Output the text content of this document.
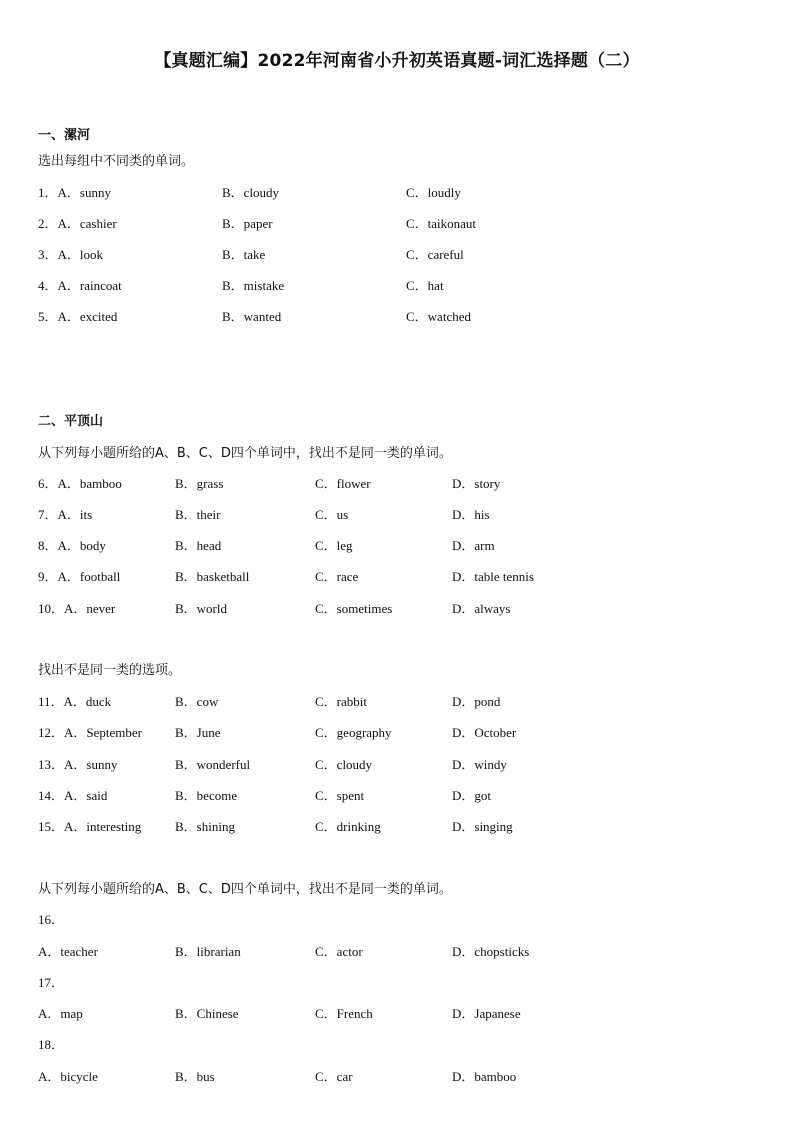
【真题汇编】2022年河南省小升初英语真题-词汇选择题（二）
一、漯河
选出每组中不同类的单词。
1．A．sunny	B．cloudy	C．loudly
2．A．cashier	B．paper	C．taikonaut
3．A．look	B．take	C．careful
4．A．raincoat	B．mistake	C．hat
5．A．excited	B．wanted	C．watched
二、平顶山
从下列每小题所给的A、B、C、D四个单词中，找出不是同一类的单词。
6．A．bamboo	B．grass	C．flower	D．story
7．A．its	B．their	C．us	D．his
8．A．body	B．head	C．leg	D．arm
9．A．football	B．basketball	C．race	D．table tennis
10．A．never	B．world	C．sometimes	D．always
找出不是同一类的选项。
11．A．duck	B．cow	C．rabbit	D．pond
12．A．September	B．June	C．geography	D．October
13．A．sunny	B．wonderful	C．cloudy	D．windy
14．A．said	B．become	C．spent	D．got
15．A．interesting	B．shining	C．drinking	D．singing
从下列每小题所给的A、B、C、D四个单词中，找出不是同一类的单词。
16．
A．teacher	B．librarian	C．actor	D．chopsticks
17．
A．map	B．Chinese	C．French	D．Japanese
18．
A．bicycle	B．bus	C．car	D．bamboo
